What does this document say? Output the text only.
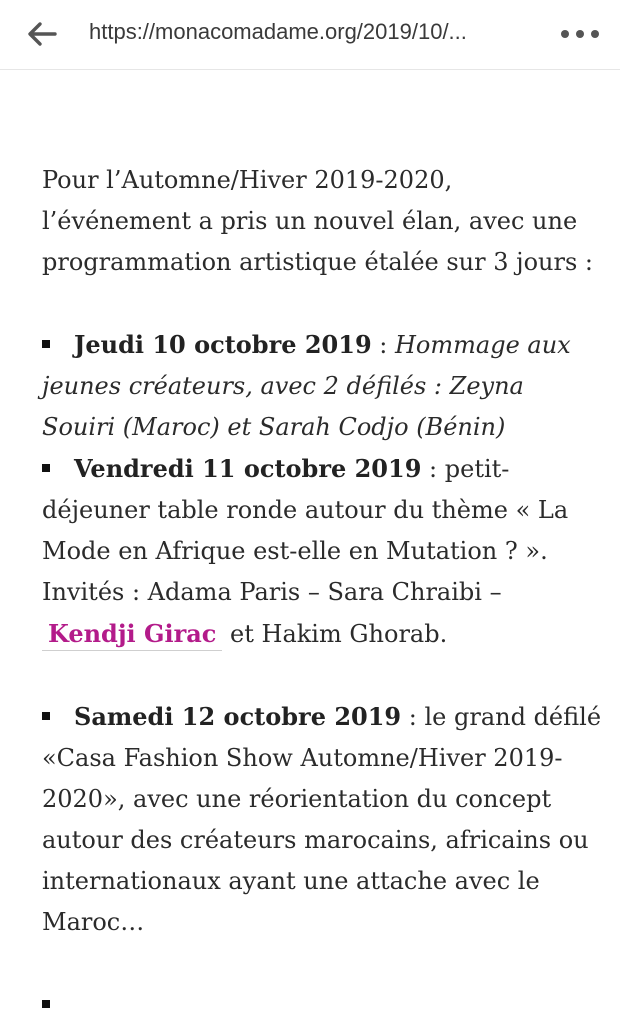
https://monacomadame.org/2019/10/...

Pour l’Automne/Hiver 2019-2020, l’événement a pris un nouvel élan, avec une programmation artistique étalée sur 3 jours :

Jeudi 10 octobre 2019 : Hommage aux jeunes créateurs, avec 2 défilés : Zeyna Souiri (Maroc) et Sarah Codjo (Bénin)

Vendredi 11 octobre 2019 : petit-déjeuner table ronde autour du thème « La Mode en Afrique est-elle en Mutation ? ». Invités : Adama Paris – Sara Chraibi – Kendji Girac et Hakim Ghorab.

Samedi 12 octobre 2019 : le grand défilé «Casa Fashion Show Automne/Hiver 2019-2020», avec une réorientation du concept autour des créateurs marocains, africains ou internationaux ayant une attache avec le Maroc…
